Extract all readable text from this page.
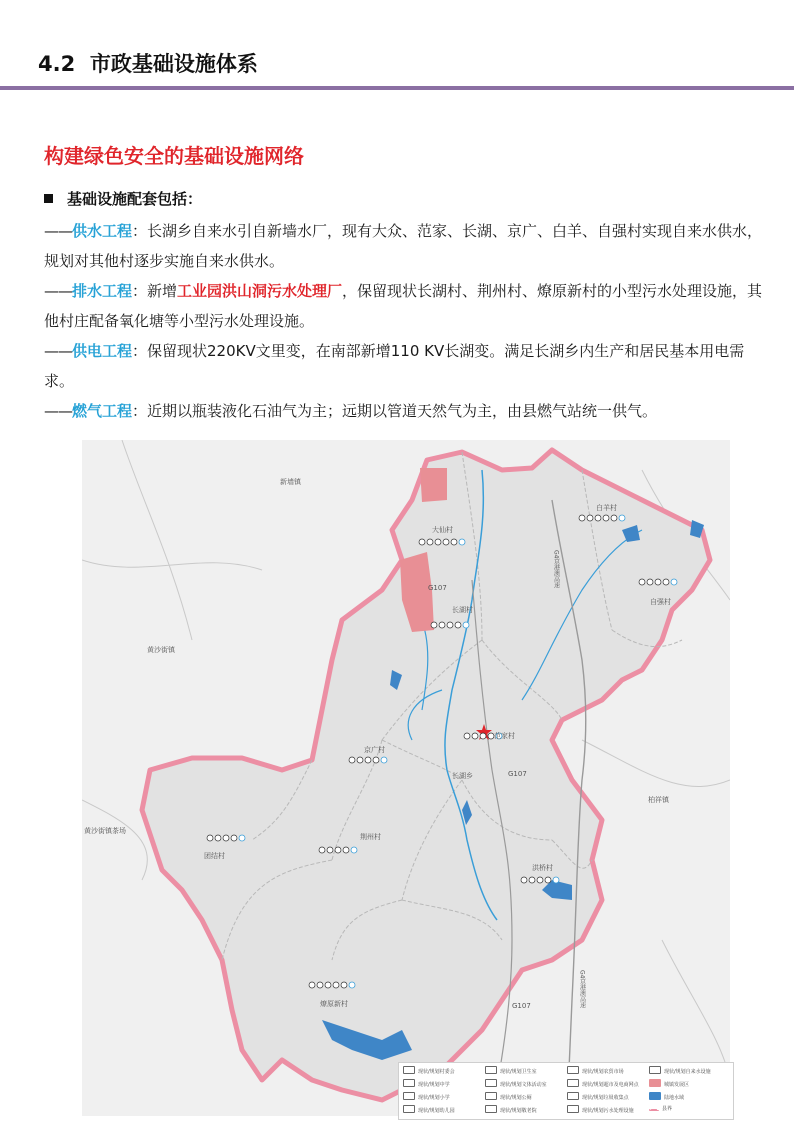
4.2 市政基础设施体系
构建绿色安全的基础设施网络
基础设施配套包括：
——供水工程：长湖乡自来水引自新墙水厂，现有大众、范家、长湖、京广、白羊、自强村实现自来水供水，规划对其他村逐步实施自来水供水。
——排水工程：新增工业园洪山洞污水处理厂，保留现状长湖村、荆州村、燎原新村的小型污水处理设施，其他村庄配备氧化塘等小型污水处理设施。
——供电工程：保留现状220KV文里变，在南部新增110 KV长湖变。满足长湖乡内生产和居民基本用电需求。
——燃气工程：近期以瓶装液化石油气为主；远期以管道天然气为主，由县燃气站统一供气。
新墙镇
黄沙街镇
黄沙街镇茶场
柏祥镇
大仙村
长湖村
白羊村
自强村
范家村
京广村
荆州村
团结村
洪桥村
燎原新村
长湖乡
G107
G107
G107
G4京港澳高速
G4京港澳高速
现状/规划村委会	现状/规划卫生室	现状/规划农贸市场	现状/规划自来水设施
现状/规划中学	现状/规划文体活动室	现状/规划超市及电商网点	城镇发展区
现状/规划小学	现状/规划公厕	现状/规划垃圾收集点	陆地水域
现状/规划幼儿园	现状/规划敬老院	现状/规划污水处理设施	县界
